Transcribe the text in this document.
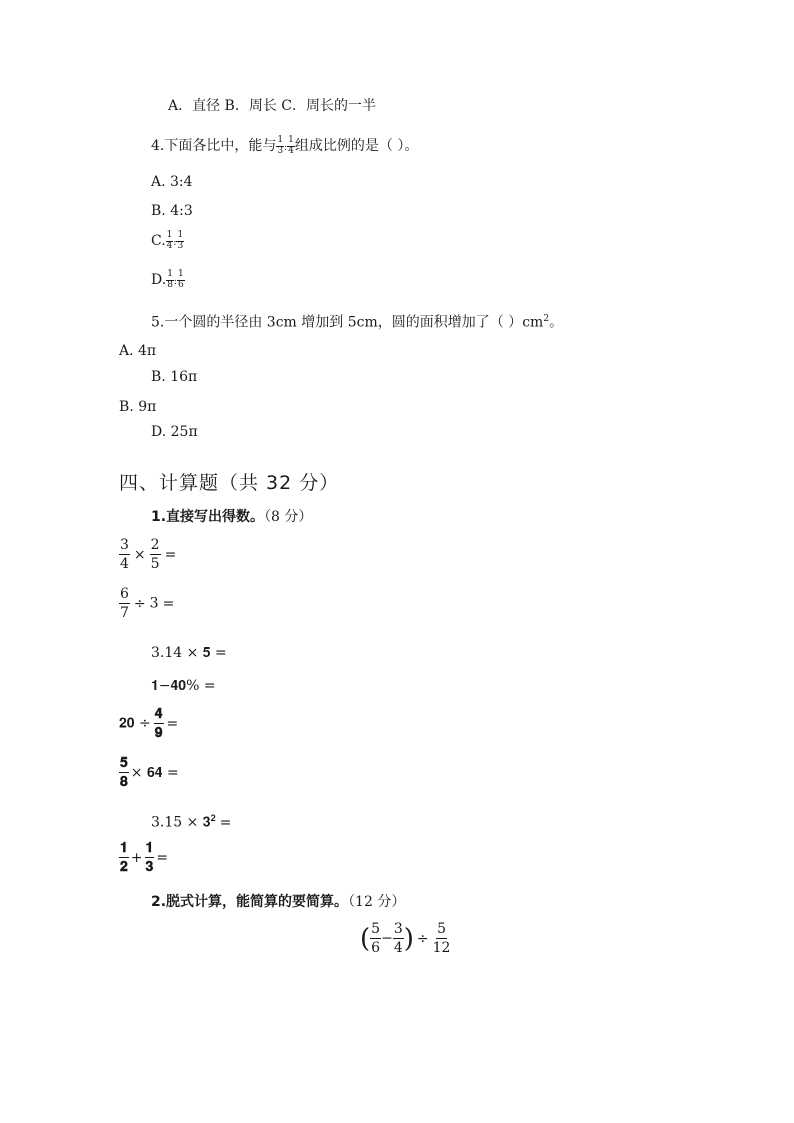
A．直径 B．周长 C．周长的一半
4.下面各比中，能与 $\frac{1}{3}$ : $\frac{1}{4}$ 组成比例的是（ ）。
A. 3:4
B. 4:3
C. $\frac{1}{4}$ : $\frac{1}{3}$
D. $\frac{1}{8}$ : $\frac{1}{6}$
5.一个圆的半径由 3cm 增加到 5cm，圆的面积增加了（ ）$cm^2$。
A. 4π
B. 16π
B. 9π
D. 25π
四、计算题（共 32 分）
1.直接写出得数。（8 分）
$\frac{3}{4} \times \frac{2}{5}$ =
$\frac{6}{7} \div 3$ =
3.14 × 𝟓 =
𝟏−𝟒𝟎% =
𝟐𝟎 ÷ $\frac{𝟒}{𝟗}$ =
$\frac{𝟓}{𝟖}$ × 𝟔𝟒 =
$3.15 \times 𝟑^𝟐$ =
$\frac{𝟏}{𝟐} + \frac{𝟏}{𝟑}$ =
2.脱式计算，能简算的要简算。（12 分）
( $\frac{5}{6} - \frac{3}{4}$ ) ÷ $\frac{5}{12}$
